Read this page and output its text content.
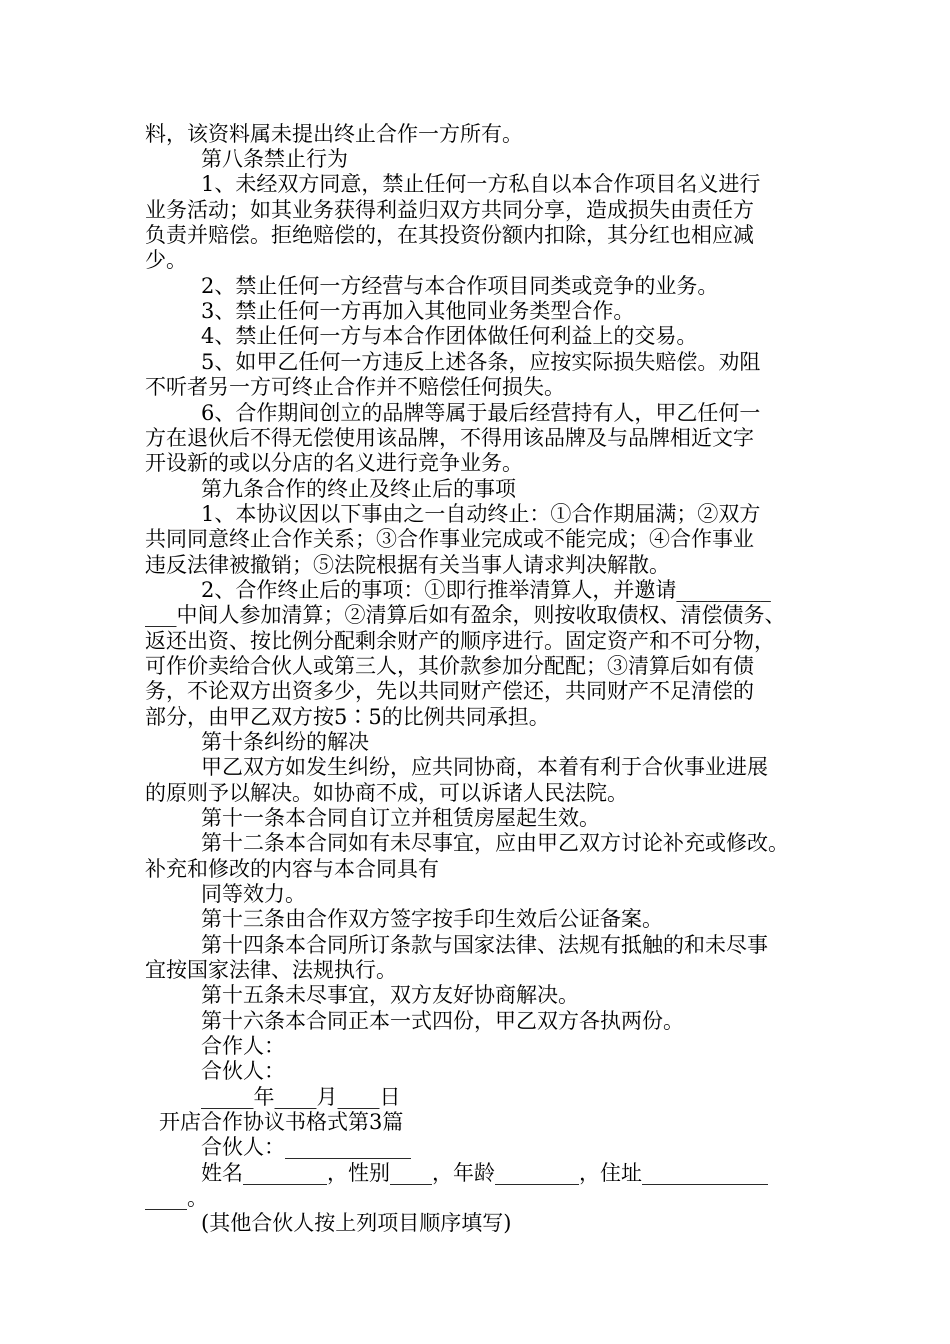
料，该资料属未提出终止合作一方所有。
第八条禁止行为
1、未经双方同意，禁止任何一方私自以本合作项目名义进行
业务活动；如其业务获得利益归双方共同分享，造成损失由责任方
负责并赔偿。拒绝赔偿的，在其投资份额内扣除，其分红也相应减
少。
2、禁止任何一方经营与本合作项目同类或竞争的业务。
3、禁止任何一方再加入其他同业务类型合作。
4、禁止任何一方与本合作团体做任何利益上的交易。
5、如甲乙任何一方违反上述各条，应按实际损失赔偿。劝阻
不听者另一方可终止合作并不赔偿任何损失。
6、合作期间创立的品牌等属于最后经营持有人，甲乙任何一
方在退伙后不得无偿使用该品牌，不得用该品牌及与品牌相近文字
开设新的或以分店的名义进行竞争业务。
第九条合作的终止及终止后的事项
1、本协议因以下事由之一自动终止：①合作期届满；②双方
共同同意终止合作关系；③合作事业完成或不能完成；④合作事业
违反法律被撤销；⑤法院根据有关当事人请求判决解散。
2、合作终止后的事项：①即行推举清算人，并邀请_________
___中间人参加清算；②清算后如有盈余，则按收取债权、清偿债务、
返还出资、按比例分配剩余财产的顺序进行。固定资产和不可分物，
可作价卖给合伙人或第三人，其价款参加分配配；③清算后如有债
务，不论双方出资多少，先以共同财产偿还，共同财产不足清偿的
部分，由甲乙双方按5∶5的比例共同承担。
第十条纠纷的解决
甲乙双方如发生纠纷，应共同协商，本着有利于合伙事业进展
的原则予以解决。如协商不成，可以诉诸人民法院。
第十一条本合同自订立并租赁房屋起生效。
第十二条本合同如有未尽事宜，应由甲乙双方讨论补充或修改。
补充和修改的内容与本合同具有
同等效力。
第十三条由合作双方签字按手印生效后公证备案。
第十四条本合同所订条款与国家法律、法规有抵触的和未尽事
宜按国家法律、法规执行。
第十五条未尽事宜，双方友好协商解决。
第十六条本合同正本一式四份，甲乙双方各执两份。
合作人：
合伙人：
_____年____月____日
开店合作协议书格式第3篇
合伙人：____________
姓名________，性别____，年龄________，住址____________
____。
(其他合伙人按上列项目顺序填写)
